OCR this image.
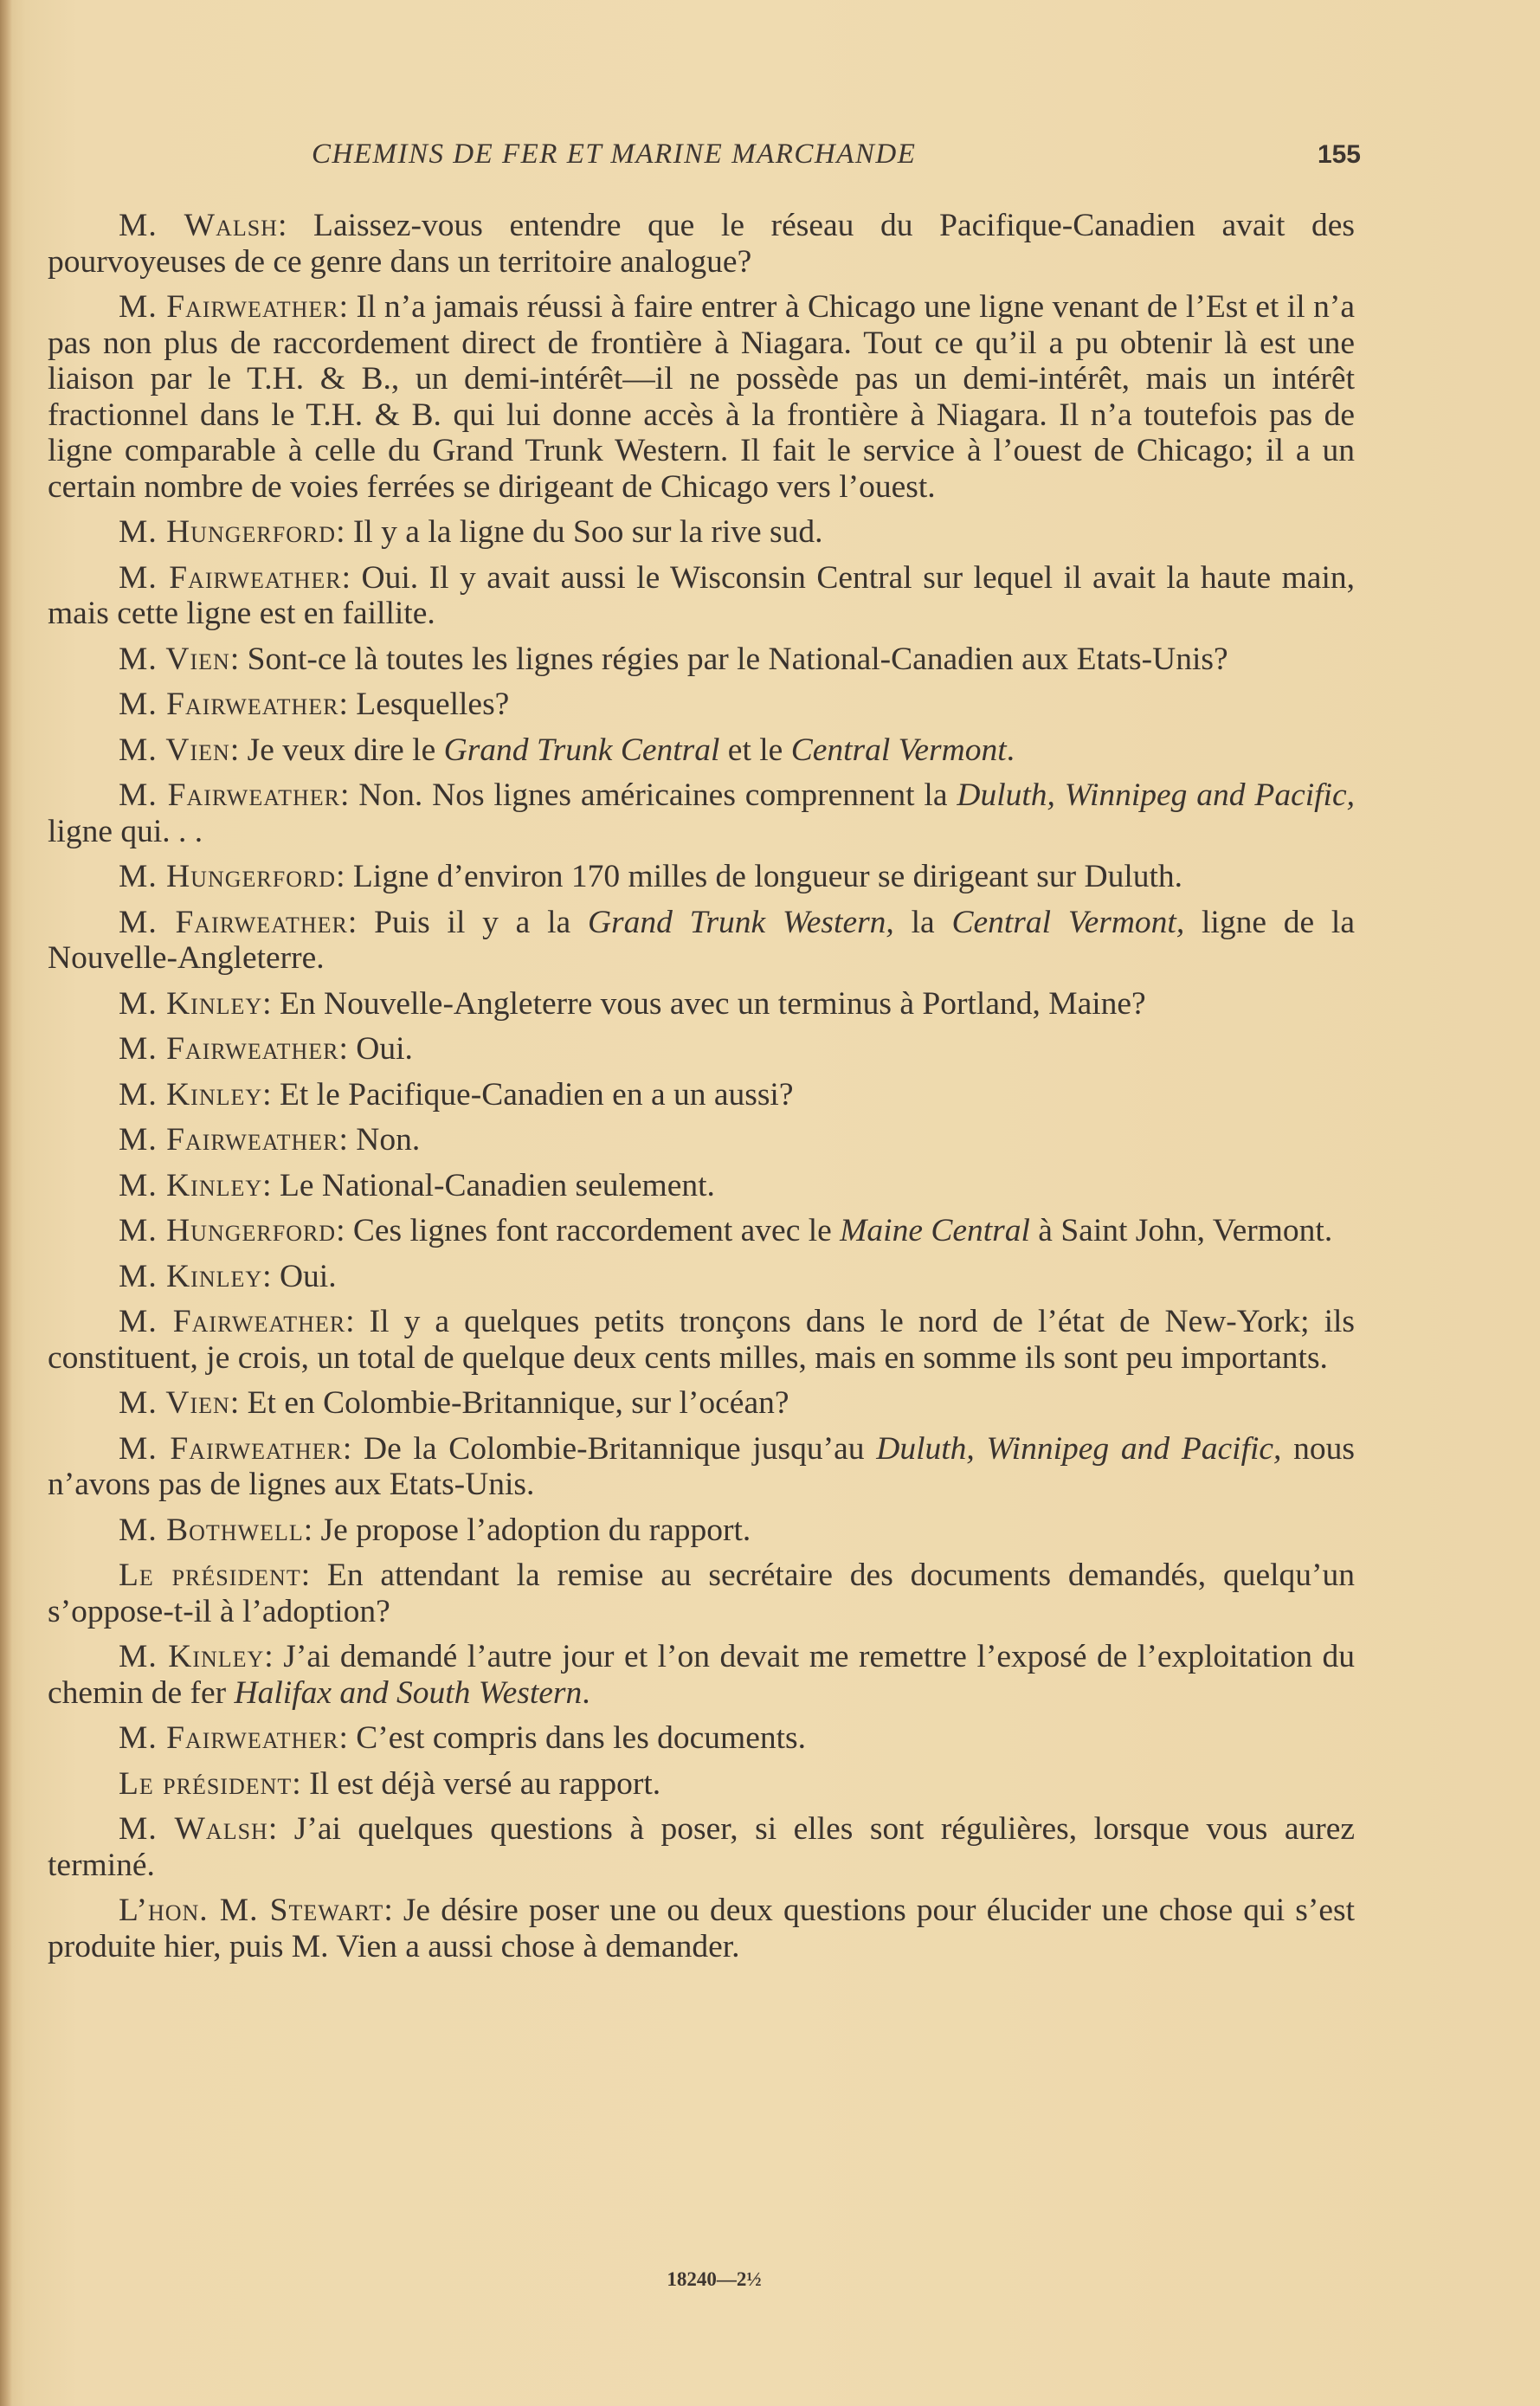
CHEMINS DE FER ET MARINE MARCHANDE	155

M. Walsh: Laissez-vous entendre que le réseau du Pacifique-Canadien avait des pourvoyeuses de ce genre dans un territoire analogue?

M. Fairweather: Il n’a jamais réussi à faire entrer à Chicago une ligne venant de l’Est et il n’a pas non plus de raccordement direct de frontière à Niagara. Tout ce qu’il a pu obtenir là est une liaison par le T.H. & B., un demi-intérêt—il ne possède pas un demi-intérêt, mais un intérêt fractionnel dans le T.H. & B. qui lui donne accès à la frontière à Niagara. Il n’a toutefois pas de ligne comparable à celle du Grand Trunk Western. Il fait le service à l’ouest de Chicago; il a un certain nombre de voies ferrées se dirigeant de Chicago vers l’ouest.

M. Hungerford: Il y a la ligne du Soo sur la rive sud.

M. Fairweather: Oui. Il y avait aussi le Wisconsin Central sur lequel il avait la haute main, mais cette ligne est en faillite.

M. Vien: Sont-ce là toutes les lignes régies par le National-Canadien aux Etats-Unis?

M. Fairweather: Lesquelles?

M. Vien: Je veux dire le Grand Trunk Central et le Central Vermont.

M. Fairweather: Non. Nos lignes américaines comprennent la Duluth, Winnipeg and Pacific, ligne qui. . .

M. Hungerford: Ligne d’environ 170 milles de longueur se dirigeant sur Duluth.

M. Fairweather: Puis il y a la Grand Trunk Western, la Central Vermont, ligne de la Nouvelle-Angleterre.

M. Kinley: En Nouvelle-Angleterre vous avec un terminus à Portland, Maine?

M. Fairweather: Oui.

M. Kinley: Et le Pacifique-Canadien en a un aussi?

M. Fairweather: Non.

M. Kinley: Le National-Canadien seulement.

M. Hungerford: Ces lignes font raccordement avec le Maine Central à Saint John, Vermont.

M. Kinley: Oui.

M. Fairweather: Il y a quelques petits tronçons dans le nord de l’état de New-York; ils constituent, je crois, un total de quelque deux cents milles, mais en somme ils sont peu importants.

M. Vien: Et en Colombie-Britannique, sur l’océan?

M. Fairweather: De la Colombie-Britannique jusqu’au Duluth, Winnipeg and Pacific, nous n’avons pas de lignes aux Etats-Unis.

M. Bothwell: Je propose l’adoption du rapport.

Le président: En attendant la remise au secrétaire des documents demandés, quelqu’un s’oppose-t-il à l’adoption?

M. Kinley: J’ai demandé l’autre jour et l’on devait me remettre l’exposé de l’exploitation du chemin de fer Halifax and South Western.

M. Fairweather: C’est compris dans les documents.

Le président: Il est déjà versé au rapport.

M. Walsh: J’ai quelques questions à poser, si elles sont régulières, lorsque vous aurez terminé.

L’hon. M. Stewart: Je désire poser une ou deux questions pour élucider une chose qui s’est produite hier, puis M. Vien a aussi chose à demander.

18240—2½
